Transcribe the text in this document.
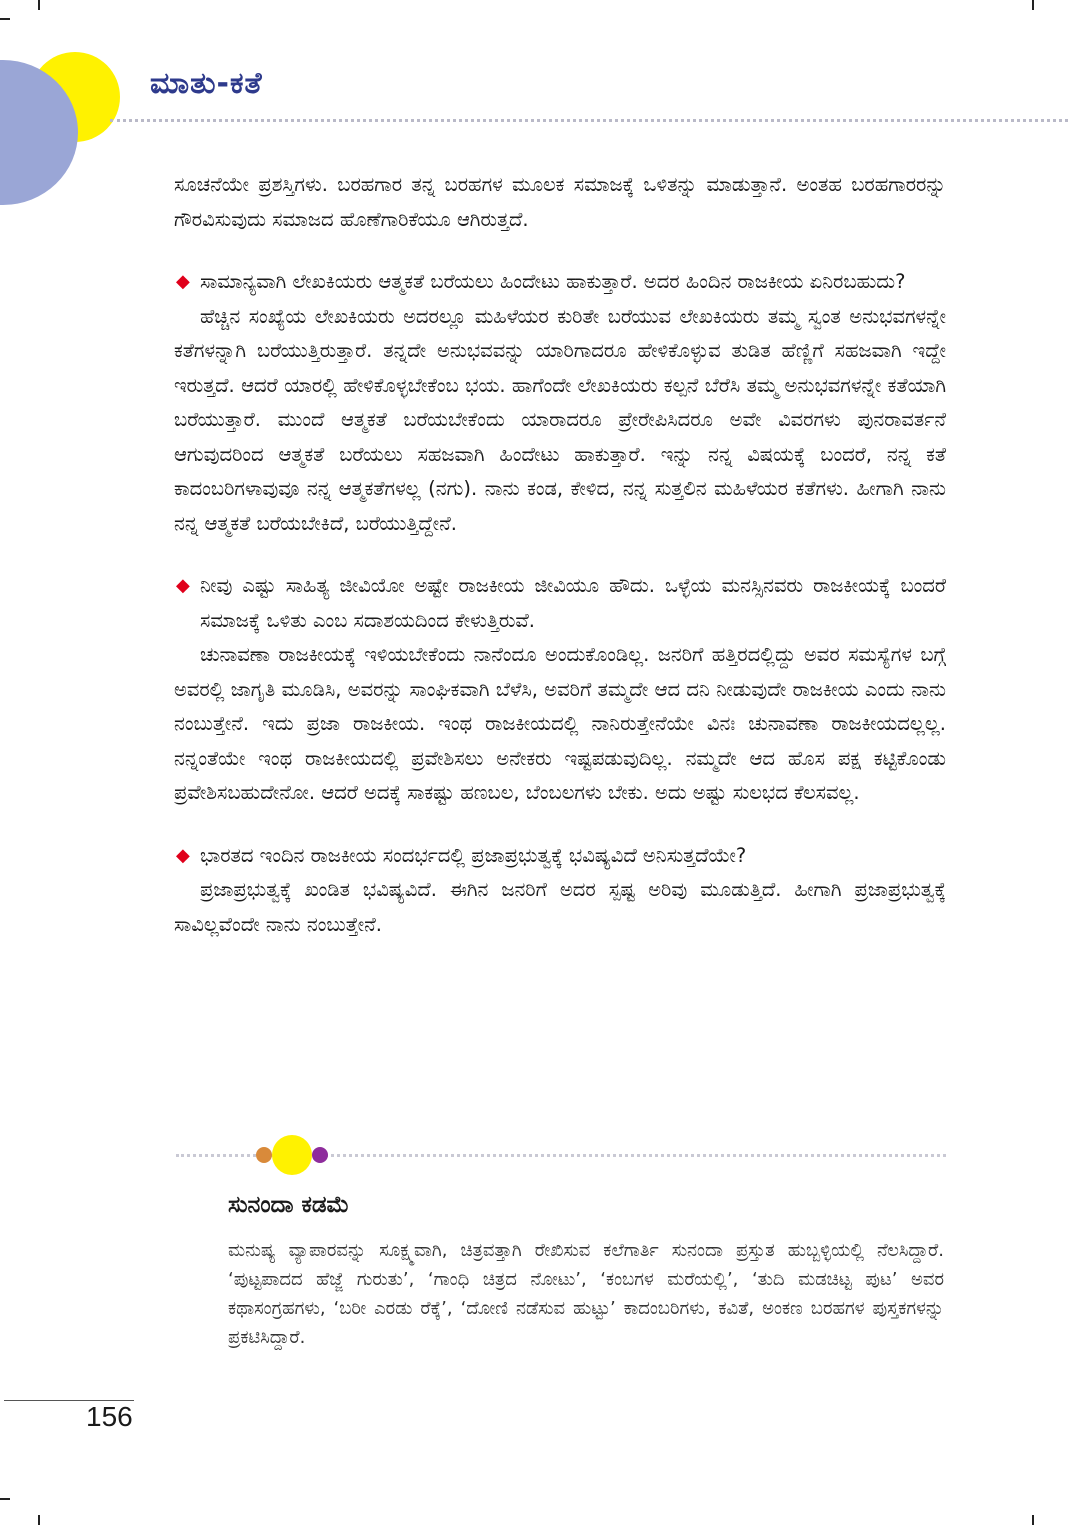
ಮಾತು-ಕತೆ

ಸೂಚನೆಯೇ ಪ್ರಶಸ್ತಿಗಳು. ಬರಹಗಾರ ತನ್ನ ಬರಹಗಳ ಮೂಲಕ ಸಮಾಜಕ್ಕೆ ಒಳಿತನ್ನು ಮಾಡುತ್ತಾನೆ. ಅಂತಹ ಬರಹಗಾರರನ್ನು ಗೌರವಿಸುವುದು ಸಮಾಜದ ಹೊಣೆಗಾರಿಕೆಯೂ ಆಗಿರುತ್ತದೆ.

◆ ಸಾಮಾನ್ಯವಾಗಿ ಲೇಖಕಿಯರು ಆತ್ಮಕತೆ ಬರೆಯಲು ಹಿಂದೇಟು ಹಾಕುತ್ತಾರೆ. ಅದರ ಹಿಂದಿನ ರಾಜಕೀಯ ಏನಿರಬಹುದು?

ಹೆಚ್ಚಿನ ಸಂಖ್ಯೆಯ ಲೇಖಕಿಯರು ಅದರಲ್ಲೂ ಮಹಿಳೆಯರ ಕುರಿತೇ ಬರೆಯುವ ಲೇಖಕಿಯರು ತಮ್ಮ ಸ್ವಂತ ಅನುಭವಗಳನ್ನೇ ಕತೆಗಳನ್ನಾಗಿ ಬರೆಯುತ್ತಿರುತ್ತಾರೆ. ತನ್ನದೇ ಅನುಭವವನ್ನು ಯಾರಿಗಾದರೂ ಹೇಳಿಕೊಳ್ಳುವ ತುಡಿತ ಹೆಣ್ಣಿಗೆ ಸಹಜವಾಗಿ ಇದ್ದೇ ಇರುತ್ತದೆ. ಆದರೆ ಯಾರಲ್ಲಿ ಹೇಳಿಕೊಳ್ಳಬೇಕೆಂಬ ಭಯ. ಹಾಗೆಂದೇ ಲೇಖಕಿಯರು ಕಲ್ಪನೆ ಬೆರೆಸಿ ತಮ್ಮ ಅನುಭವಗಳನ್ನೇ ಕತೆಯಾಗಿ ಬರೆಯುತ್ತಾರೆ. ಮುಂದೆ ಆತ್ಮಕತೆ ಬರೆಯಬೇಕೆಂದು ಯಾರಾದರೂ ಪ್ರೇರೇಪಿಸಿದರೂ ಅವೇ ವಿವರಗಳು ಪುನರಾವರ್ತನೆ ಆಗುವುದರಿಂದ ಆತ್ಮಕತೆ ಬರೆಯಲು ಸಹಜವಾಗಿ ಹಿಂದೇಟು ಹಾಕುತ್ತಾರೆ. ಇನ್ನು ನನ್ನ ವಿಷಯಕ್ಕೆ ಬಂದರೆ, ನನ್ನ ಕತೆ ಕಾದಂಬರಿಗಳಾವುವೂ ನನ್ನ ಆತ್ಮಕತೆಗಳಲ್ಲ (ನಗು). ನಾನು ಕಂಡ, ಕೇಳಿದ, ನನ್ನ ಸುತ್ತಲಿನ ಮಹಿಳೆಯರ ಕತೆಗಳು. ಹೀಗಾಗಿ ನಾನು ನನ್ನ ಆತ್ಮಕತೆ ಬರೆಯಬೇಕಿದೆ, ಬರೆಯುತ್ತಿದ್ದೇನೆ.

◆ ನೀವು ಎಷ್ಟು ಸಾಹಿತ್ಯ ಜೀವಿಯೋ ಅಷ್ಟೇ ರಾಜಕೀಯ ಜೀವಿಯೂ ಹೌದು. ಒಳ್ಳೆಯ ಮನಸ್ಸಿನವರು ರಾಜಕೀಯಕ್ಕೆ ಬಂದರೆ ಸಮಾಜಕ್ಕೆ ಒಳಿತು ಎಂಬ ಸದಾಶಯದಿಂದ ಕೇಳುತ್ತಿರುವೆ.

ಚುನಾವಣಾ ರಾಜಕೀಯಕ್ಕೆ ಇಳಿಯಬೇಕೆಂದು ನಾನೆಂದೂ ಅಂದುಕೊಂಡಿಲ್ಲ. ಜನರಿಗೆ ಹತ್ತಿರದಲ್ಲಿದ್ದು ಅವರ ಸಮಸ್ಯೆಗಳ ಬಗ್ಗೆ ಅವರಲ್ಲಿ ಜಾಗೃತಿ ಮೂಡಿಸಿ, ಅವರನ್ನು ಸಾಂಘಿಕವಾಗಿ ಬೆಳೆಸಿ, ಅವರಿಗೆ ತಮ್ಮದೇ ಆದ ದನಿ ನೀಡುವುದೇ ರಾಜಕೀಯ ಎಂದು ನಾನು ನಂಬುತ್ತೇನೆ. ಇದು ಪ್ರಜಾ ರಾಜಕೀಯ. ಇಂಥ ರಾಜಕೀಯದಲ್ಲಿ ನಾನಿರುತ್ತೇನೆಯೇ ವಿನಃ ಚುನಾವಣಾ ರಾಜಕೀಯದಲ್ಲಲ್ಲ. ನನ್ನಂತೆಯೇ ಇಂಥ ರಾಜಕೀಯದಲ್ಲಿ ಪ್ರವೇಶಿಸಲು ಅನೇಕರು ಇಷ್ಟಪಡುವುದಿಲ್ಲ. ನಮ್ಮದೇ ಆದ ಹೊಸ ಪಕ್ಷ ಕಟ್ಟಿಕೊಂಡು ಪ್ರವೇಶಿಸಬಹುದೇನೋ. ಆದರೆ ಅದಕ್ಕೆ ಸಾಕಷ್ಟು ಹಣಬಲ, ಬೆಂಬಲಗಳು ಬೇಕು. ಅದು ಅಷ್ಟು ಸುಲಭದ ಕೆಲಸವಲ್ಲ.

◆ ಭಾರತದ ಇಂದಿನ ರಾಜಕೀಯ ಸಂದರ್ಭದಲ್ಲಿ ಪ್ರಜಾಪ್ರಭುತ್ವಕ್ಕೆ ಭವಿಷ್ಯವಿದೆ ಅನಿಸುತ್ತದೆಯೇ?

ಪ್ರಜಾಪ್ರಭುತ್ವಕ್ಕೆ ಖಂಡಿತ ಭವಿಷ್ಯವಿದೆ. ಈಗಿನ ಜನರಿಗೆ ಅದರ ಸ್ಪಷ್ಟ ಅರಿವು ಮೂಡುತ್ತಿದೆ. ಹೀಗಾಗಿ ಪ್ರಜಾಪ್ರಭುತ್ವಕ್ಕೆ ಸಾವಿಲ್ಲವೆಂದೇ ನಾನು ನಂಬುತ್ತೇನೆ.

ಸುನಂದಾ ಕಡಮೆ

ಮನುಷ್ಯ ವ್ಯಾಪಾರವನ್ನು ಸೂಕ್ಷ್ಮವಾಗಿ, ಚಿತ್ರವತ್ತಾಗಿ ರೇಖಿಸುವ ಕಲೆಗಾರ್ತಿ ಸುನಂದಾ ಪ್ರಸ್ತುತ ಹುಬ್ಬಳ್ಳಿಯಲ್ಲಿ ನೆಲಸಿದ್ದಾರೆ. ‘ಪುಟ್ಟಪಾದದ ಹೆಜ್ಜೆ ಗುರುತು’, ‘ಗಾಂಧಿ ಚಿತ್ರದ ನೋಟು’, ‘ಕಂಬಗಳ ಮರೆಯಲ್ಲಿ’, ‘ತುದಿ ಮಡಚಿಟ್ಟ ಪುಟ’ ಅವರ ಕಥಾಸಂಗ್ರಹಗಳು, ‘ಬರೀ ಎರಡು ರೆಕ್ಕೆ’, ‘ದೋಣಿ ನಡೆಸುವ ಹುಟ್ಟು’ ಕಾದಂಬರಿಗಳು, ಕವಿತೆ, ಅಂಕಣ ಬರಹಗಳ ಪುಸ್ತಕಗಳನ್ನು ಪ್ರಕಟಿಸಿದ್ದಾರೆ.

156
